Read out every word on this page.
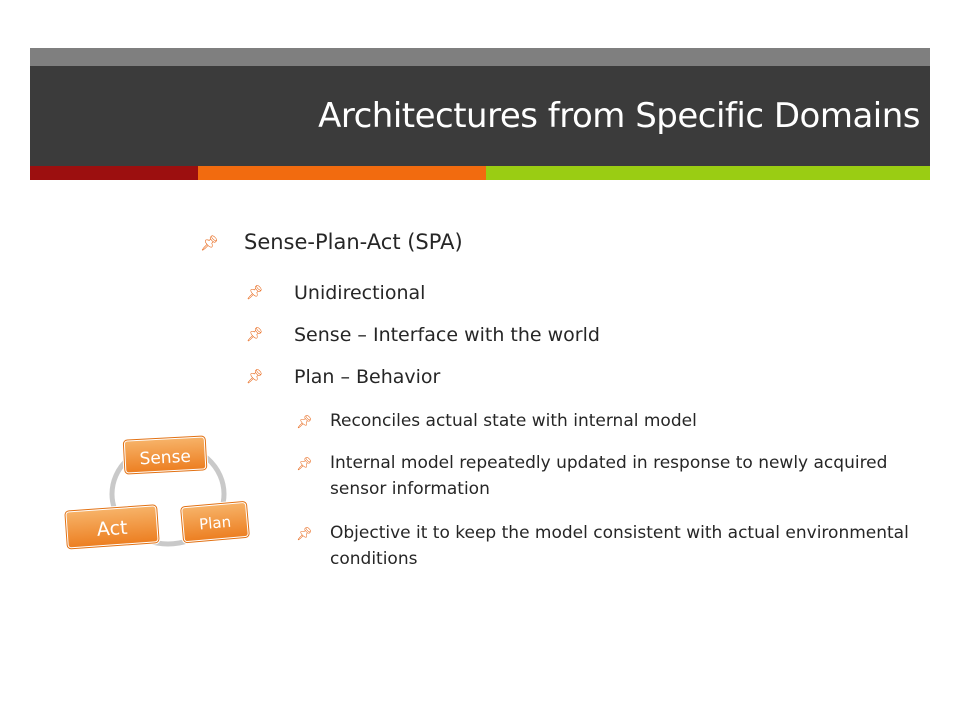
Architectures from Specific Domains
📌︎	Sense-Plan-Act (SPA)
📌︎	Unidirectional
📌︎	Sense – Interface with the world
📌︎	Plan – Behavior
📌︎	Reconciles actual state with internal model
📌︎	Internal model repeatedly updated in response to newly acquired sensor information
📌︎	Objective it to keep the model consistent with actual environmental conditions
Sense
Act	Plan
